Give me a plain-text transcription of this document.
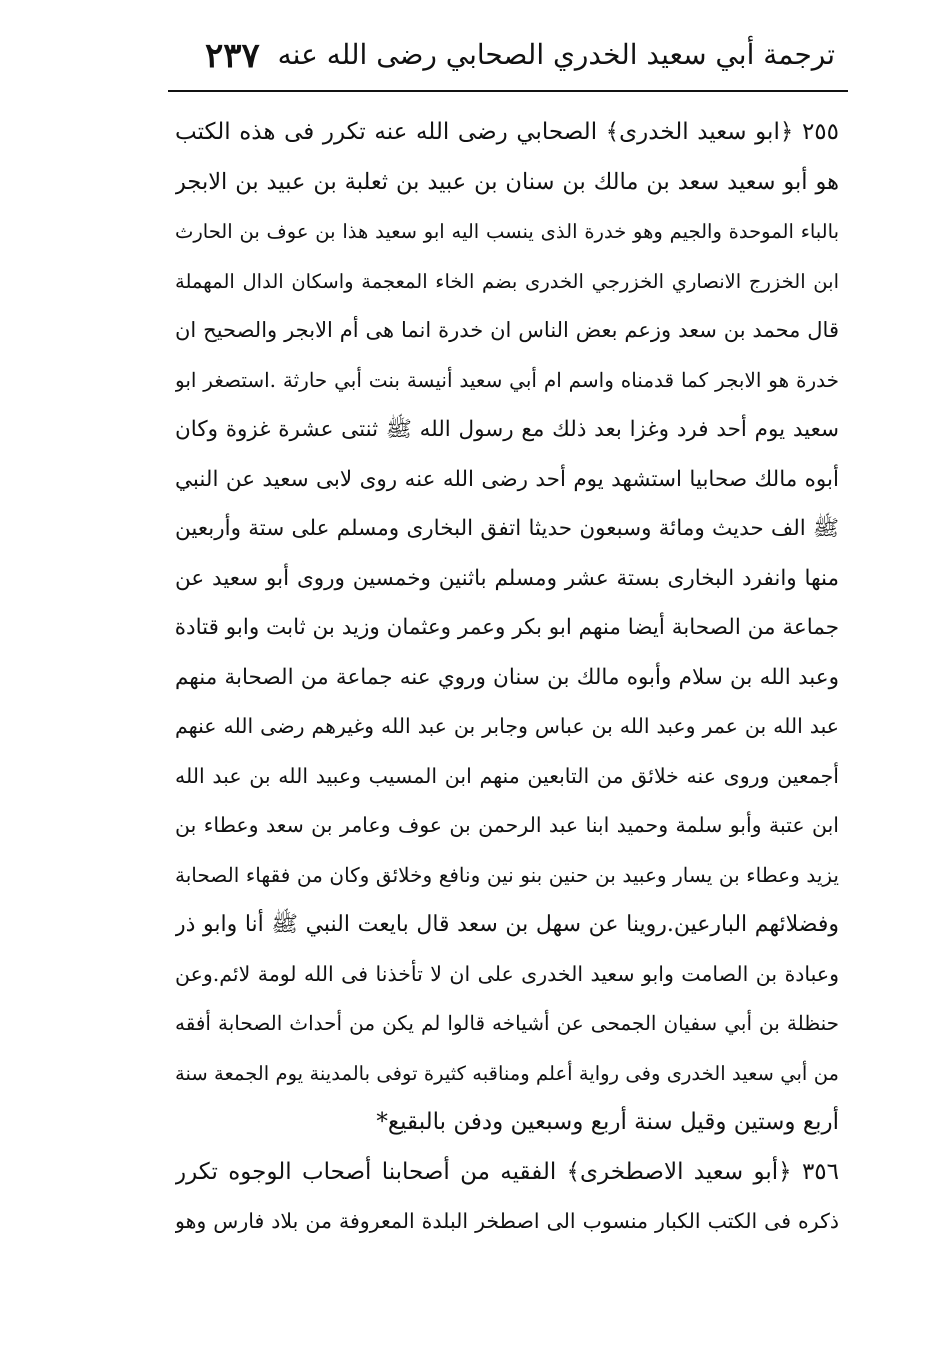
ترجمة أبي سعيد الخدري الصحابي رضى الله عنه
٢٣٧
٢٥٥ ﴿ابو سعيد الخدرى﴾ الصحابي رضى الله عنه تكرر فى هذه الكتب
هو أبو سعيد سعد بن مالك بن سنان بن عبيد بن ثعلبة بن عبيد بن الابجر
بالباء الموحدة والجيم وهو خدرة الذى ينسب اليه ابو سعيد هذا بن عوف بن الحارث
ابن الخزرج الانصاري الخزرجي الخدرى بضم الخاء المعجمة واسكان الدال المهملة
قال محمد بن سعد وزعم بعض الناس ان خدرة انما هى أم الابجر والصحيح ان
خدرة هو الابجر كما قدمناه واسم ام أبي سعيد أنيسة بنت أبي حارثة .استصغر ابو
سعيد يوم أحد فرد وغزا بعد ذلك مع رسول الله ﷺ ثنتى عشرة غزوة وكان
أبوه مالك صحابيا استشهد يوم أحد رضى الله عنه روى لابى سعيد عن النبي
ﷺ الف حديث ومائة وسبعون حديثا اتفق البخارى ومسلم على ستة وأربعين
منها وانفرد البخارى بستة عشر ومسلم باثنين وخمسين وروى أبو سعيد عن
جماعة من الصحابة أيضا منهم ابو بكر وعمر وعثمان وزيد بن ثابت وابو قتادة
وعبد الله بن سلام وأبوه مالك بن سنان وروي عنه جماعة من الصحابة منهم
عبد الله بن عمر وعبد الله بن عباس وجابر بن عبد الله وغيرهم رضى الله عنهم
أجمعين وروى عنه خلائق من التابعين منهم ابن المسيب وعبيد الله بن عبد الله
ابن عتبة وأبو سلمة وحميد ابنا عبد الرحمن بن عوف وعامر بن سعد وعطاء بن
يزيد وعطاء بن يسار وعبيد بن حنين بنو نين ونافع وخلائق وكان من فقهاء الصحابة
وفضلائهم البارعين.روينا عن سهل بن سعد قال بايعت النبي ﷺ أنا وابو ذر
وعبادة بن الصامت وابو سعيد الخدرى على ان لا تأخذنا فى الله لومة لائم.وعن
حنظلة بن أبي سفيان الجمحى عن أشياخه قالوا لم يكن من أحداث الصحابة أفقه
من أبي سعيد الخدرى وفى رواية أعلم ومناقبه كثيرة توفى بالمدينة يوم الجمعة سنة
أربع وستين وقيل سنة أربع وسبعين ودفن بالبقيع*
٣٥٦ ﴿أبو سعيد الاصطخرى﴾ الفقيه من أصحابنا أصحاب الوجوه تكرر
ذكره فى الكتب الكبار منسوب الى اصطخر البلدة المعروفة من بلاد فارس وهو
